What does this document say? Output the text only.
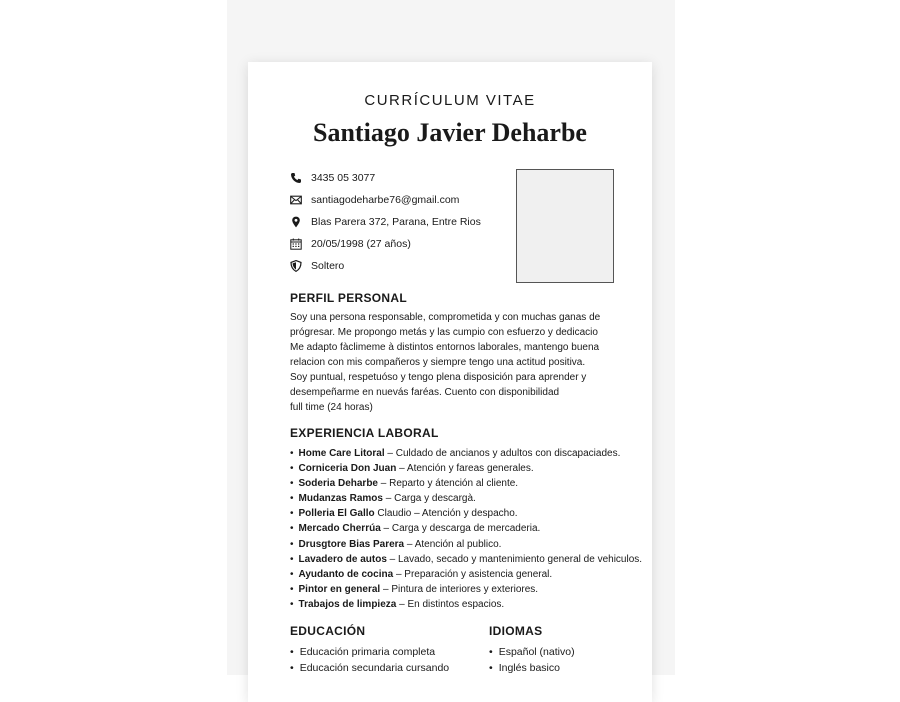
CURRÍCULUM VITAE
Santiago Javier Deharbe
3435 05 3077
santiagodeharbe76@gmail.com
Blas Parera 372, Parana, Entre Rios
20/05/1998 (27 años)
Soltero
PERFIL PERSONAL
Soy una persona responsable, comprometida y con muchas ganas de
prógresar. Me propongo metás y las cumpio con esfuerzo y dedicacio
Me adapto fàclimeme à distintos entornos laborales, mantengo buena
relacion con mis compañeros y siempre tengo una actitud positiva.
Soy puntual, respetuóso y tengo plena disposición para aprender y
desempeñarme en nuevás faréas. Cuento con disponibilidad
full time (24 horas)
EXPERIENCIA LABORAL
• Home Care Litoral – Culdado de ancianos y adultos con discapaciades.
• Corniceria Don Juan – Atención y fareas generales.
• Soderia Deharbe – Reparto y átención al cliente.
• Mudanzas Ramos – Carga y descargà.
• Polleria El Gallo Claudio – Atención y despacho.
• Mercado Cherrúa – Carga y descarga de mercaderia.
• Drusgtore Bias Parera – Atención al publico.
• Lavadero de autos – Lavado, secado y mantenimiento general de vehiculos.
• Ayudanto de cocina – Preparación y asistencia general.
• Pintor en general – Pintura de interiores y exteriores.
• Trabajos de limpieza – En distintos espacios.
EDUCACIÓN
• Educación primaria completa
• Educación secundaria cursando
IDIOMAS
• Español (nativo)
• Inglés basico
